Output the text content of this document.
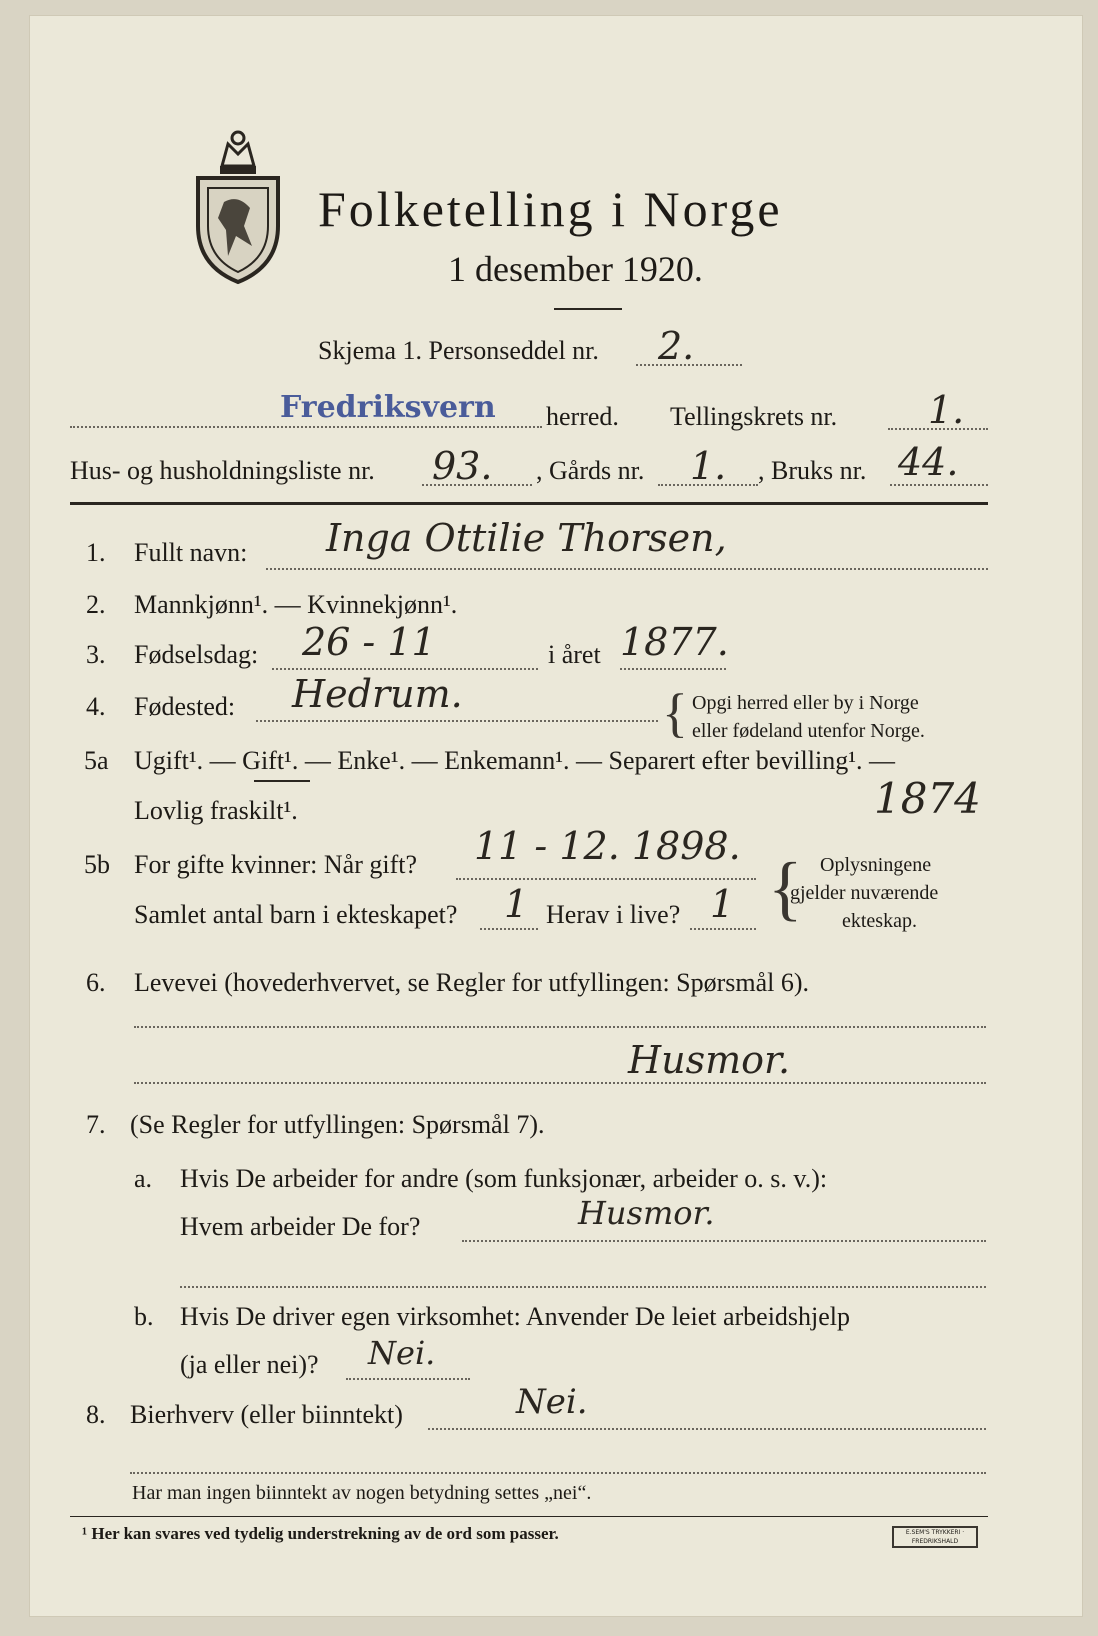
Folketelling i Norge
1 desember 1920.
Skjema 1. Personseddel nr. 2.
Fredriksvern herred. Tellingskrets nr. 1.
Hus- og husholdningsliste nr. 93. , Gårds nr. 1. , Bruks nr. 44.
1. Fullt navn: Inga Ottilie Thorsen,
2. Mannkjønn¹. — Kvinnekjønn¹.
3. Fødselsdag: 26 - 11	i året 1877.
4. Fødested: Hedrum.	{ Opgi herred eller by i Norge
eller fødeland utenfor Norge.
5a Ugift¹. — Gift¹. — Enke¹. — Enkemann¹. — Separert efter bevilling¹. —
Lovlig fraskilt¹.	1874
5b For gifte kvinner: Når gift? 11 - 12. 1898.
Samlet antal barn i ekteskapet? 1 Herav i live? 1 { Oplysningene
gjelder nuværende
ekteskap.
6. Levevei (hovederhvervet, se Regler for utfyllingen: Spørsmål 6).
Husmor.
7. (Se Regler for utfyllingen: Spørsmål 7).
a. Hvis De arbeider for andre (som funksjonær, arbeider o. s. v.):
Hvem arbeider De for?	Husmor.
b. Hvis De driver egen virksomhet: Anvender De leiet arbeidshjelp
(ja eller nei)? Nei.
8. Bierhverv (eller biinntekt)	Nei.
Har man ingen biinntekt av nogen betydning settes „nei“.
¹ Her kan svares ved tydelig understrekning av de ord som passer.	E.SEM'S TRYKKERI · FREDRIKSHALD
